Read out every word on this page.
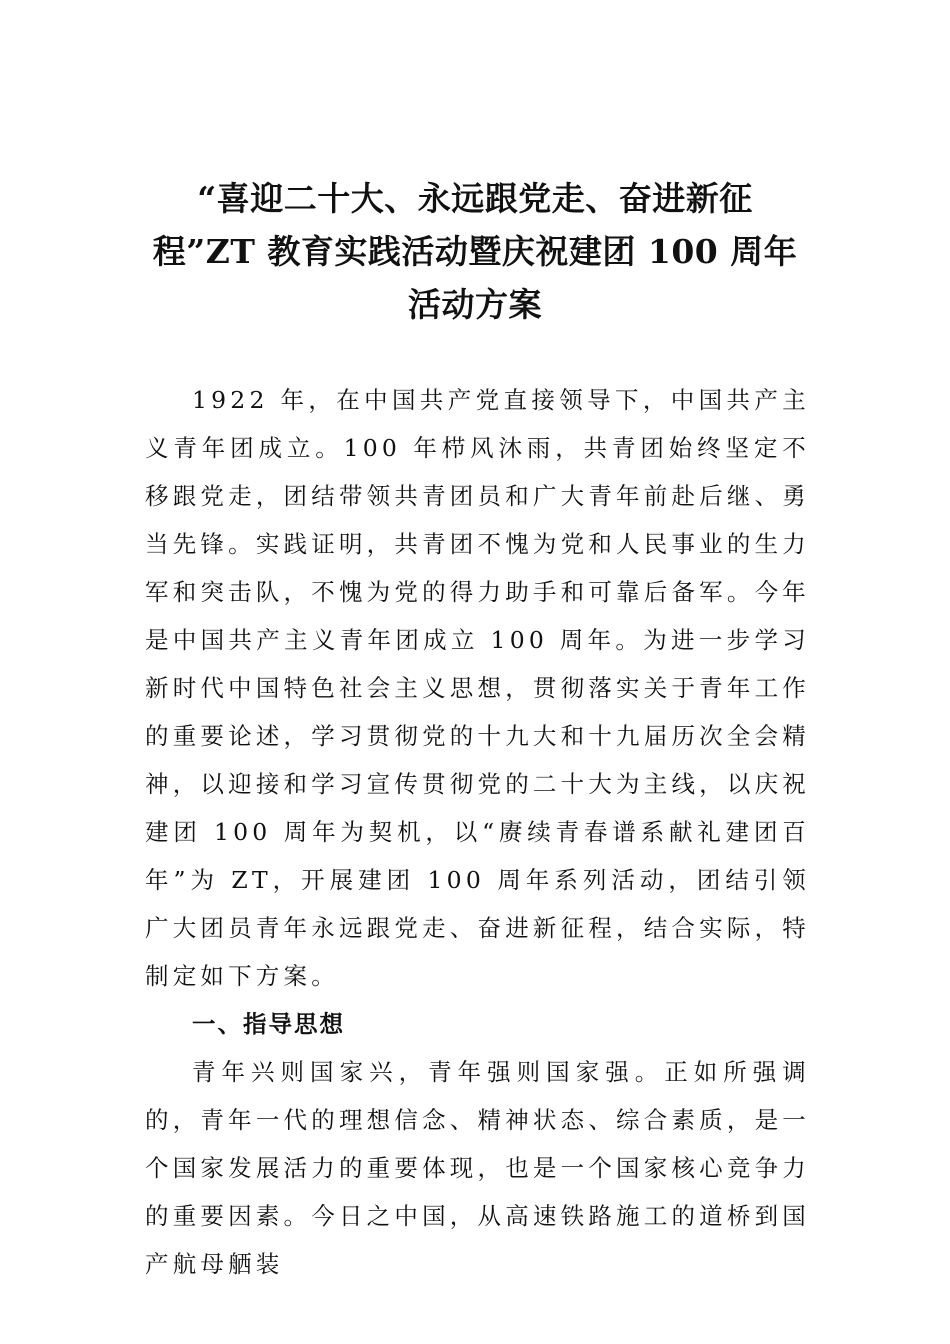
“喜迎二十大、永远跟党走、奋进新征
程”ZT 教育实践活动暨庆祝建团 100 周年
活动方案

1922 年，在中国共产党直接领导下，中国共产主义青年团成立。100 年栉风沐雨，共青团始终坚定不移跟党走，团结带领共青团员和广大青年前赴后继、勇当先锋。实践证明，共青团不愧为党和人民事业的生力军和突击队，不愧为党的得力助手和可靠后备军。今年是中国共产主义青年团成立 100 周年。为进一步学习新时代中国特色社会主义思想，贯彻落实关于青年工作的重要论述，学习贯彻党的十九大和十九届历次全会精神，以迎接和学习宣传贯彻党的二十大为主线，以庆祝建团 100 周年为契机，以“赓续青春谱系献礼建团百年”为 ZT，开展建团 100 周年系列活动，团结引领广大团员青年永远跟党走、奋进新征程，结合实际，特制定如下方案。

一、指导思想

青年兴则国家兴，青年强则国家强。正如所强调的，青年一代的理想信念、精神状态、综合素质，是一个国家发展活力的重要体现，也是一个国家核心竞争力的重要因素。今日之中国，从高速铁路施工的道桥到国产航母舾装
